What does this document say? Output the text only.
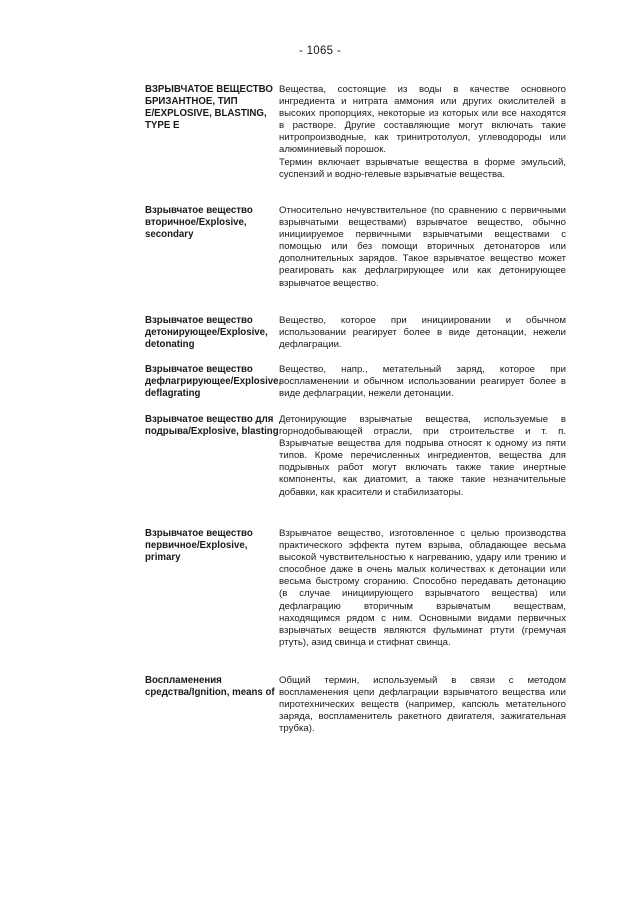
- 1065 -
ВЗРЫВЧАТОЕ ВЕЩЕСТВО БРИЗАНТНОЕ, ТИП E/EXPLOSIVE, BLASTING, TYPE E

Вещества, состоящие из воды в качестве основного ингредиента и нитрата аммония или других окислителей в высоких пропорциях, некоторые из которых или все находятся в растворе. Другие составляющие могут включать такие нитропроизводные, как тринитротолуол, углеводороды или алюминиевый порошок.

Термин включает взрывчатые вещества в форме эмульсий, суспензий и водно-гелевые взрывчатые вещества.

Взрывчатое вещество вторичное/Explosive, secondary

Относительно нечувствительное (по сравнению с первичными взрывчатыми веществами) взрывчатое вещество, обычно инициируемое первичными взрывчатыми веществами с помощью или без помощи вторичных детонаторов или дополнительных зарядов. Такое взрывчатое вещество может реагировать как дефлагрирующее или как детонирующее взрывчатое вещество.

Взрывчатое вещество детонирующее/Explosive, detonating

Вещество, которое при инициировании и обычном использовании реагирует более в виде детонации, нежели дефлаграции.

Взрывчатое вещество дефлагрирующее/Explosive, deflagrating

Вещество, напр., метательный заряд, которое при воспламенении и обычном использовании реагирует более в виде дефлаграции, нежели детонации.

Взрывчатое вещество для подрыва/Explosive, blasting

Детонирующие взрывчатые вещества, используемые в горнодобывающей отрасли, при строительстве и т. п. Взрывчатые вещества для подрыва относят к одному из пяти типов. Кроме перечисленных ингредиентов, вещества для подрывных работ могут включать также такие инертные компоненты, как диатомит, а также такие незначительные добавки, как красители и стабилизаторы.

Взрывчатое вещество первичное/Explosive, primary

Взрывчатое вещество, изготовленное с целью производства практического эффекта путем взрыва, обладающее весьма высокой чувствительностью к нагреванию, удару или трению и способное даже в очень малых количествах к детонации или весьма быстрому сгоранию. Способно передавать детонацию (в случае инициирующего взрывчатого вещества) или дефлаграцию вторичным взрывчатым веществам, находящимся рядом с ним. Основными видами первичных взрывчатых веществ являются фульминат ртути (гремучая ртуть), азид свинца и стифнат свинца.

Воспламенения средства/Ignition, means of

Общий термин, используемый в связи с методом воспламенения цепи дефлаграции взрывчатого вещества или пиротехнических веществ (например, капсюль метательного заряда, воспламенитель ракетного двигателя, зажигательная трубка).
